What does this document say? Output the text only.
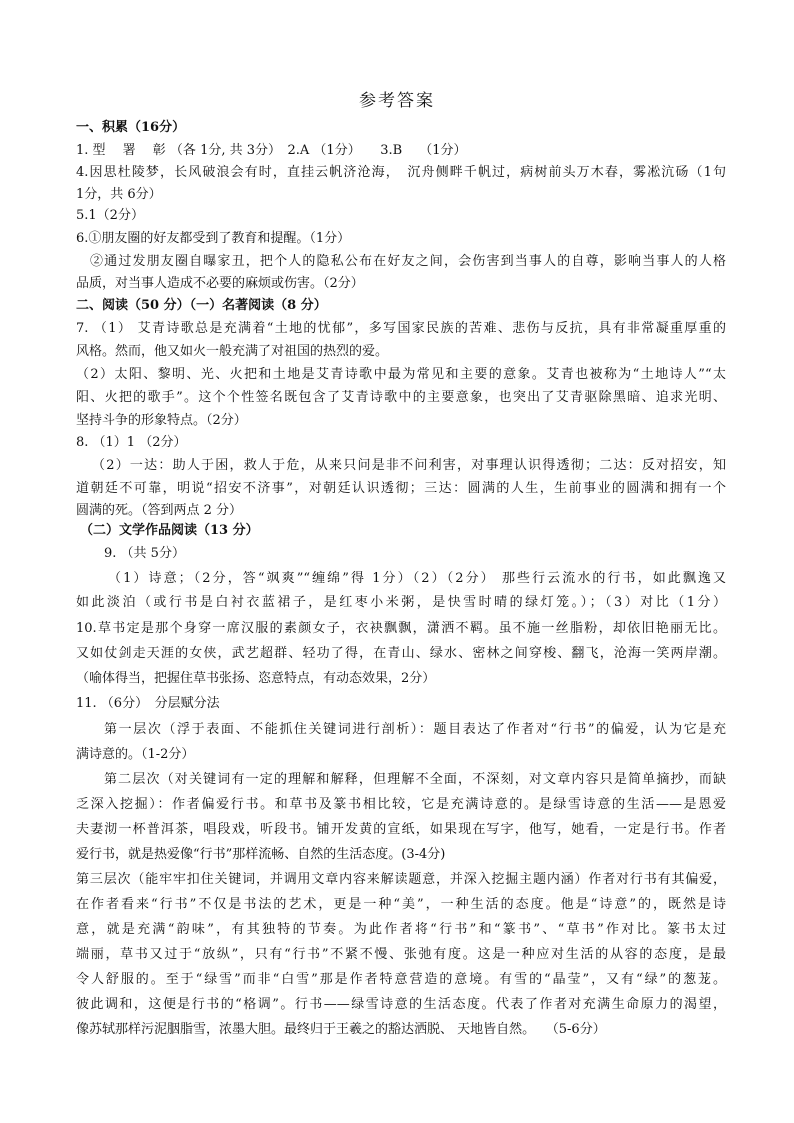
参考答案
一、积累（16分）
1. 型　 署　 彰 （各 1分, 共 3分）　2.A （1分）　　3.B　 （1分）
4.因思杜陵梦，长风破浪会有时，直挂云帆济沧海，　沉舟侧畔千帆过，病树前头万木春，雾凇沆砀（1句
1分，共 6分）
5.1（2分）
6.①朋友圈的好友都受到了教育和提醒。（1分）
②通过发朋友圈自曝家丑，把个人的隐私公布在好友之间，会伤害到当事人的自尊，影响当事人的人格
品质，对当事人造成不必要的麻烦或伤害。（2分）
二、阅读（50 分）（一）名著阅读（8 分）
7. （1） 艾青诗歌总是充满着“土地的忧郁”，多写国家民族的苦难、悲伤与反抗，具有非常凝重厚重的
风格。然而，他又如火一般充满了对祖国的热烈的爱。
（2）太阳、黎明、光、火把和土地是艾青诗歌中最为常见和主要的意象。艾青也被称为“土地诗人”“太
阳、火把的歌手”。这个个性签名既包含了艾青诗歌中的主要意象，也突出了艾青驱除黑暗、追求光明、
坚持斗争的形象特点。（2分）
8. （1）1 （2分）
（2）一达：助人于困，救人于危，从来只问是非不问利害，对事理认识得透彻；二达：反对招安，知
道朝廷不可靠，明说“招安不济事”，对朝廷认识透彻；三达：圆满的人生，生前事业的圆满和拥有一个
圆满的死。（答到两点 2 分）
（二）文学作品阅读（13 分）
9. （共 5分）
（1）诗意；（2分，答“飒爽”“缠绵”得 1分）（2）（2分） 那些行云流水的行书，如此飘逸又
如此淡泊（或行书是白衬衣蓝裙子，是红枣小米粥，是快雪时晴的绿灯笼。）；（3）对比（1分）
10.草书定是那个身穿一席汉服的素颜女子，衣袂飘飘，潇洒不羁。虽不施一丝脂粉，却依旧艳丽无比。
又如仗剑走天涯的女侠，武艺超群、轻功了得，在青山、绿水、密林之间穿梭、翻飞，沧海一笑两岸潮。
（喻体得当，把握住草书张扬、恣意特点，有动态效果，2分）
11. （6分）　分层赋分法
第一层次（浮于表面、不能抓住关键词进行剖析）：题目表达了作者对“行书”的偏爱，认为它是充
满诗意的。（1-2分）
第二层次（对关键词有一定的理解和解释，但理解不全面，不深刻，对文章内容只是简单摘抄，而缺
乏深入挖掘）：作者偏爱行书。和草书及篆书相比较，它是充满诗意的。是绿雪诗意的生活——是恩爱
夫妻沏一杯普洱茶，唱段戏，听段书。铺开发黄的宣纸，如果现在写字，他写，她看，一定是行书。作者
爱行书，就是热爱像“行书”那样流畅、自然的生活态度。(3-4分)
第三层次（能牢牢扣住关键词，并调用文章内容来解读题意，并深入挖掘主题内涵）作者对行书有其偏爱，
在作者看来“行书”不仅是书法的艺术，更是一种“美”，一种生活的态度。他是“诗意”的，既然是诗
意，就是充满“韵味”，有其独特的节奏。为此作者将“行书”和“篆书”、“草书”作对比。篆书太过
端丽，草书又过于“放纵”，只有“行书”不紧不慢、张弛有度。这是一种应对生活的从容的态度，是最
令人舒服的。至于“绿雪”而非“白雪”那是作者特意营造的意境。有雪的“晶莹”，又有“绿”的葱茏。
彼此调和，这便是行书的“格调”。行书——绿雪诗意的生活态度。代表了作者对充满生命原力的渴望，
像苏轼那样污泥胭脂雪，浓墨大胆。最终归于王羲之的豁达洒脱、 天地皆自然。　 （5-6分）
